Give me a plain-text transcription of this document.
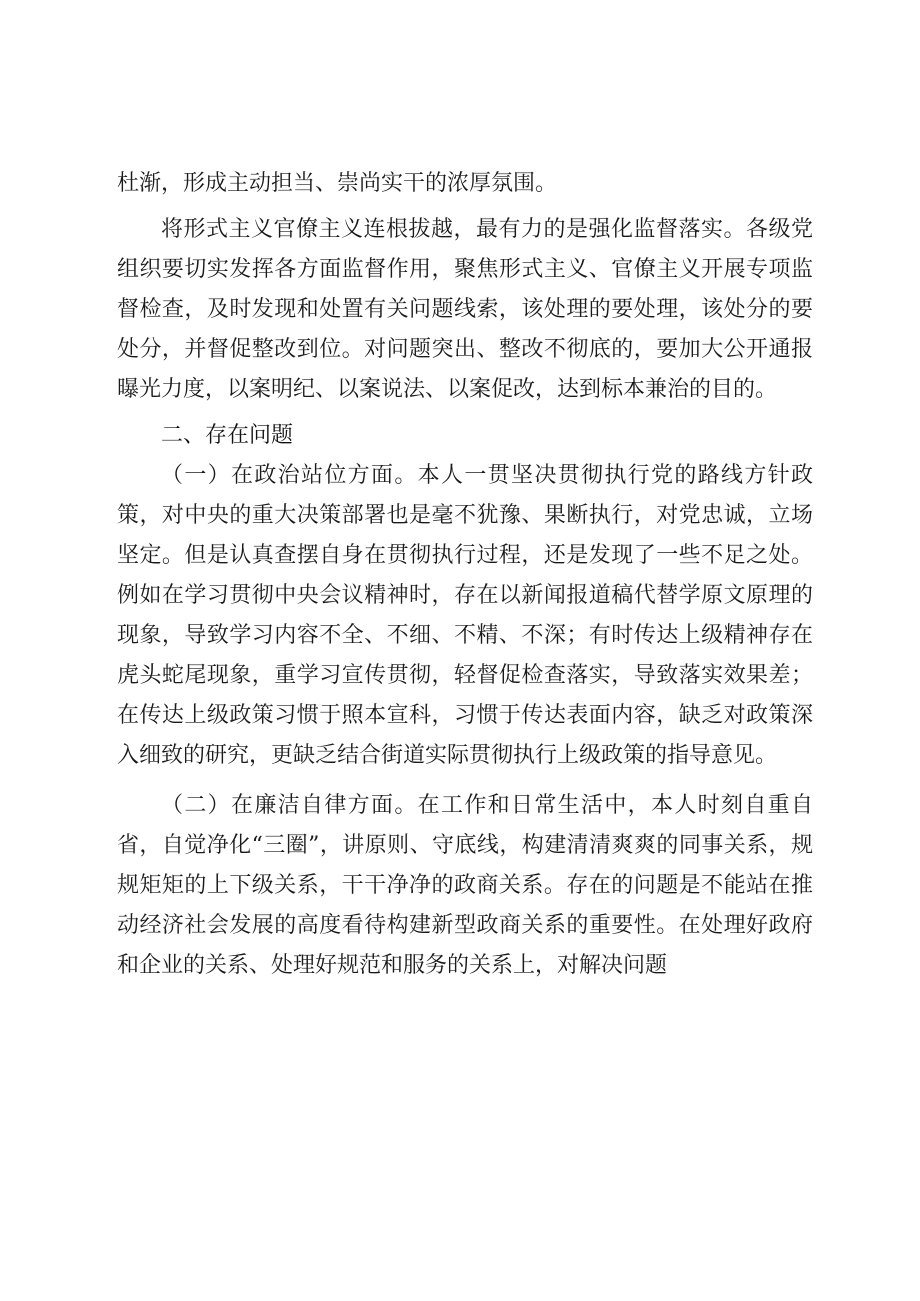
杜渐，形成主动担当、崇尚实干的浓厚氛围。

将形式主义官僚主义连根拔越，最有力的是强化监督落实。各级党组织要切实发挥各方面监督作用，聚焦形式主义、官僚主义开展专项监督检查，及时发现和处置有关问题线索，该处理的要处理，该处分的要处分，并督促整改到位。对问题突出、整改不彻底的，要加大公开通报曝光力度，以案明纪、以案说法、以案促改，达到标本兼治的目的。

二、存在问题

（一）在政治站位方面。本人一贯坚决贯彻执行党的路线方针政策，对中央的重大决策部署也是毫不犹豫、果断执行，对党忠诚，立场坚定。但是认真查摆自身在贯彻执行过程，还是发现了一些不足之处。例如在学习贯彻中央会议精神时，存在以新闻报道稿代替学原文原理的现象，导致学习内容不全、不细、不精、不深；有时传达上级精神存在虎头蛇尾现象，重学习宣传贯彻，轻督促检查落实，导致落实效果差；在传达上级政策习惯于照本宣科，习惯于传达表面内容，缺乏对政策深入细致的研究，更缺乏结合街道实际贯彻执行上级政策的指导意见。

（二）在廉洁自律方面。在工作和日常生活中，本人时刻自重自省，自觉净化“三圈”，讲原则、守底线，构建清清爽爽的同事关系，规规矩矩的上下级关系，干干净净的政商关系。存在的问题是不能站在推动经济社会发展的高度看待构建新型政商关系的重要性。在处理好政府和企业的关系、处理好规范和服务的关系上，对解决问题
